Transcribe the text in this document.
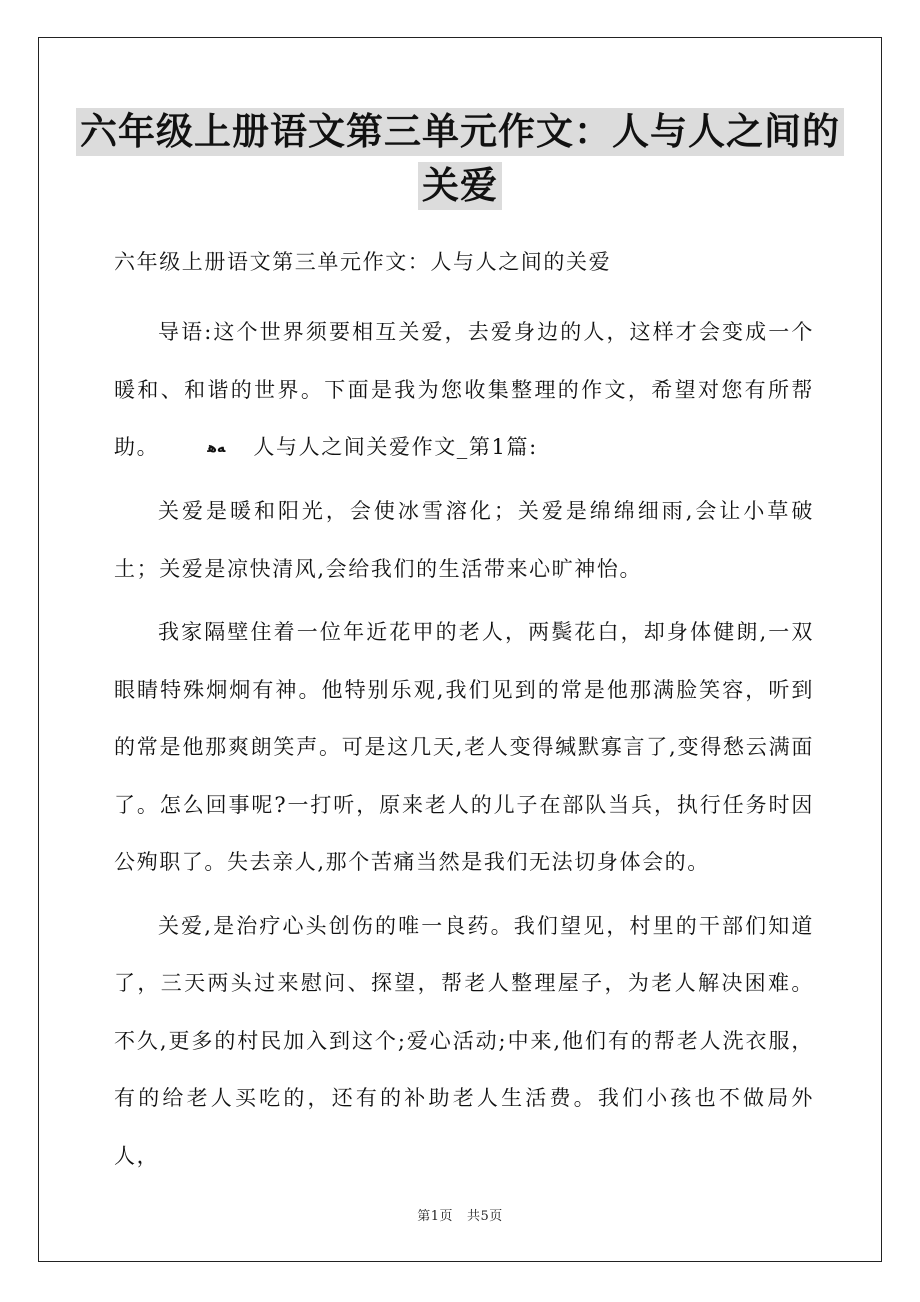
六年级上册语文第三单元作文：人与人之间的
关爱

六年级上册语文第三单元作文：人与人之间的关爱

导语:这个世界须要相互关爱，去爱身边的人，这样才会变成一个暖和、和谐的世界。下面是我为您收集整理的作文，希望对您有所帮助。	ﻪﻫ 人与人之间关爱作文_第1篇:

关爱是暖和阳光，会使冰雪溶化；关爱是绵绵细雨,会让小草破土；关爱是凉快清风,会给我们的生活带来心旷神怡。

我家隔壁住着一位年近花甲的老人，两鬓花白，却身体健朗,一双眼睛特殊炯炯有神。他特别乐观,我们见到的常是他那满脸笑容，听到的常是他那爽朗笑声。可是这几天,老人变得缄默寡言了,变得愁云满面了。怎么回事呢?一打听，原来老人的儿子在部队当兵，执行任务时因公殉职了。失去亲人,那个苦痛当然是我们无法切身体会的。

关爱,是治疗心头创伤的唯一良药。我们望见，村里的干部们知道了，三天两头过来慰问、探望，帮老人整理屋子，为老人解决困难。不久,更多的村民加入到这个;爱心活动;中来,他们有的帮老人洗衣服，有的给老人买吃的，还有的补助老人生活费。我们小孩也不做局外人，

第1页 共5页
